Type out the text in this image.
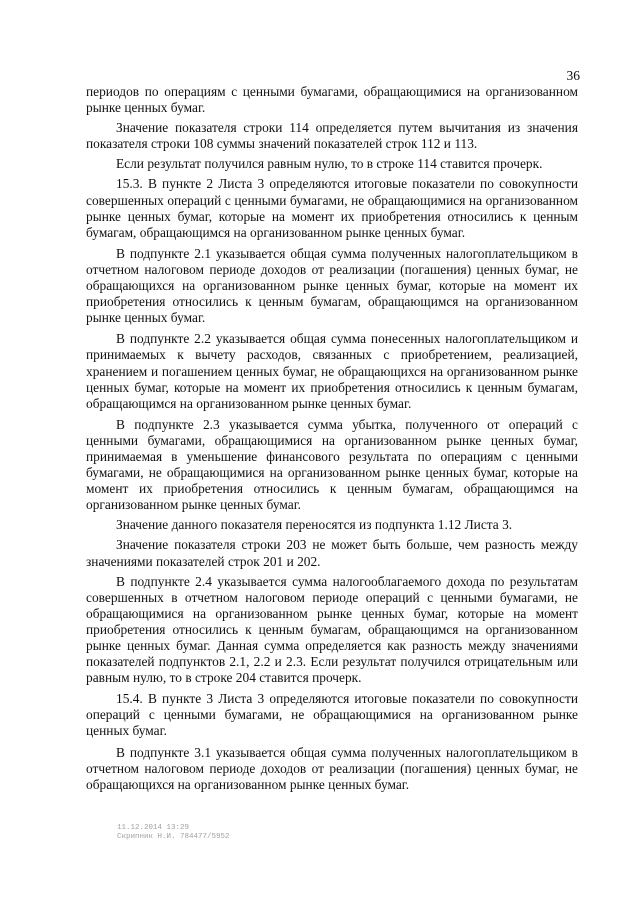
36

периодов по операциям с ценными бумагами, обращающимися на организованном рынке ценных бумаг.

Значение показателя строки 114 определяется путем вычитания из значения показателя строки 108 суммы значений показателей строк 112 и 113.

Если результат получился равным нулю, то в строке 114 ставится прочерк.

15.3. В пункте 2 Листа 3 определяются итоговые показатели по совокупности совершенных операций с ценными бумагами, не обращающимися на организованном рынке ценных бумаг, которые на момент их приобретения относились к ценным бумагам, обращающимся на организованном рынке ценных бумаг.

В подпункте 2.1 указывается общая сумма полученных налогоплательщиком в отчетном налоговом периоде доходов от реализации (погашения) ценных бумаг, не обращающихся на организованном рынке ценных бумаг, которые на момент их приобретения относились к ценным бумагам, обращающимся на организованном рынке ценных бумаг.

В подпункте 2.2 указывается общая сумма понесенных налогоплательщиком и принимаемых к вычету расходов, связанных с приобретением, реализацией, хранением и погашением ценных бумаг, не обращающихся на организованном рынке ценных бумаг, которые на момент их приобретения относились к ценным бумагам, обращающимся на организованном рынке ценных бумаг.

В подпункте 2.3 указывается сумма убытка, полученного от операций с ценными бумагами, обращающимися на организованном рынке ценных бумаг, принимаемая в уменьшение финансового результата по операциям с ценными бумагами, не обращающимися на организованном рынке ценных бумаг, которые на момент их приобретения относились к ценным бумагам, обращающимся на организованном рынке ценных бумаг.

Значение данного показателя переносятся из подпункта 1.12 Листа 3.

Значение показателя строки 203 не может быть больше, чем разность между значениями показателей строк 201 и 202.

В подпункте 2.4 указывается сумма налогооблагаемого дохода по результатам совершенных в отчетном налоговом периоде операций с ценными бумагами, не обращающимися на организованном рынке ценных бумаг, которые на момент приобретения относились к ценным бумагам, обращающимся на организованном рынке ценных бумаг. Данная сумма определяется как разность между значениями показателей подпунктов 2.1, 2.2 и 2.3. Если результат получился отрицательным или равным нулю, то в строке 204 ставится прочерк.

15.4. В пункте 3 Листа 3 определяются итоговые показатели по совокупности операций с ценными бумагами, не обращающимися на организованном рынке ценных бумаг.

В подпункте 3.1 указывается общая сумма полученных налогоплательщиком в отчетном налоговом периоде доходов от реализации (погашения) ценных бумаг, не обращающихся на организованном рынке ценных бумаг.

11.12.2014 13:29
Скрипник Н.И. 784477/5952
